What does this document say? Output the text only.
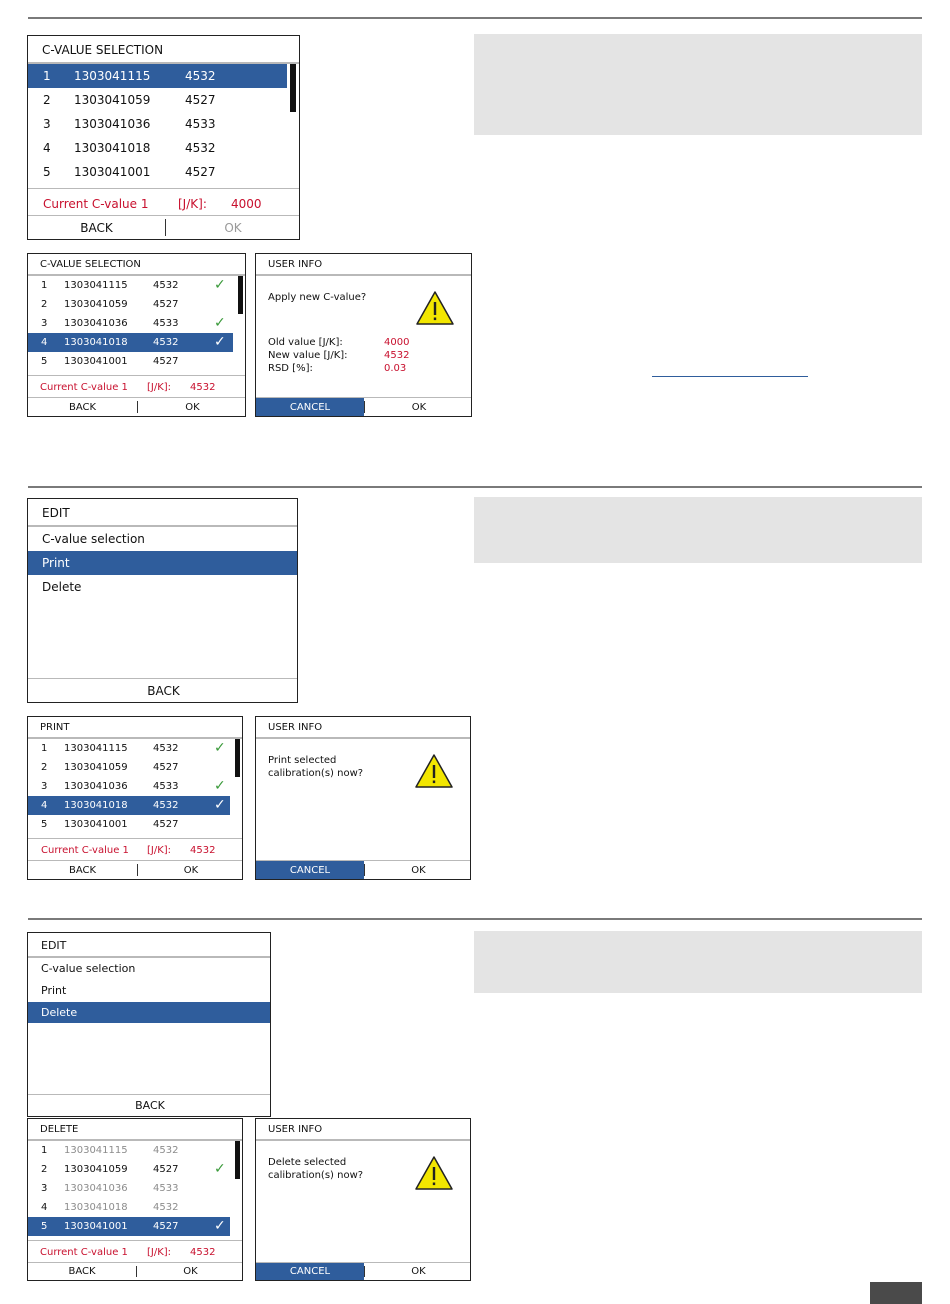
C-VALUE SELECTION
1 1303041115	4532
2 1303041059	4527
3 1303041036	4533
4 1303041018	4532
5 1303041001	4527
Current C-value 1 [J/K]: 4000
BACK	OK
C-VALUE SELECTION
1 1303041115	4532	✓
2 1303041059	4527
3 1303041036	4533	✓
4 1303041018	4532	✓
5 1303041001	4527
Current C-value 1 [J/K]: 4532
BACK	OK
USER INFO
Apply new C-value?
Old value [J/K]:	4000
New value [J/K]:	4532
RSD [%]:	0.03
CANCEL	OK
EDIT
C-value selection
Print
Delete
BACK
PRINT
1 1303041115	4532	✓
2 1303041059	4527
3 1303041036	4533	✓
4 1303041018	4532	✓
5 1303041001	4527
Current C-value 1 [J/K]: 4532
BACK	OK
USER INFO
Print selected
calibration(s) now?
CANCEL	OK
EDIT
C-value selection
Print
Delete
BACK
DELETE
1 1303041115	4532
2 1303041059	4527	✓
3 1303041036	4533
4 1303041018	4532
5 1303041001	4527	✓
Current C-value 1 [J/K]: 4532
BACK	OK
USER INFO
Delete selected
calibration(s) now?
CANCEL	OK
